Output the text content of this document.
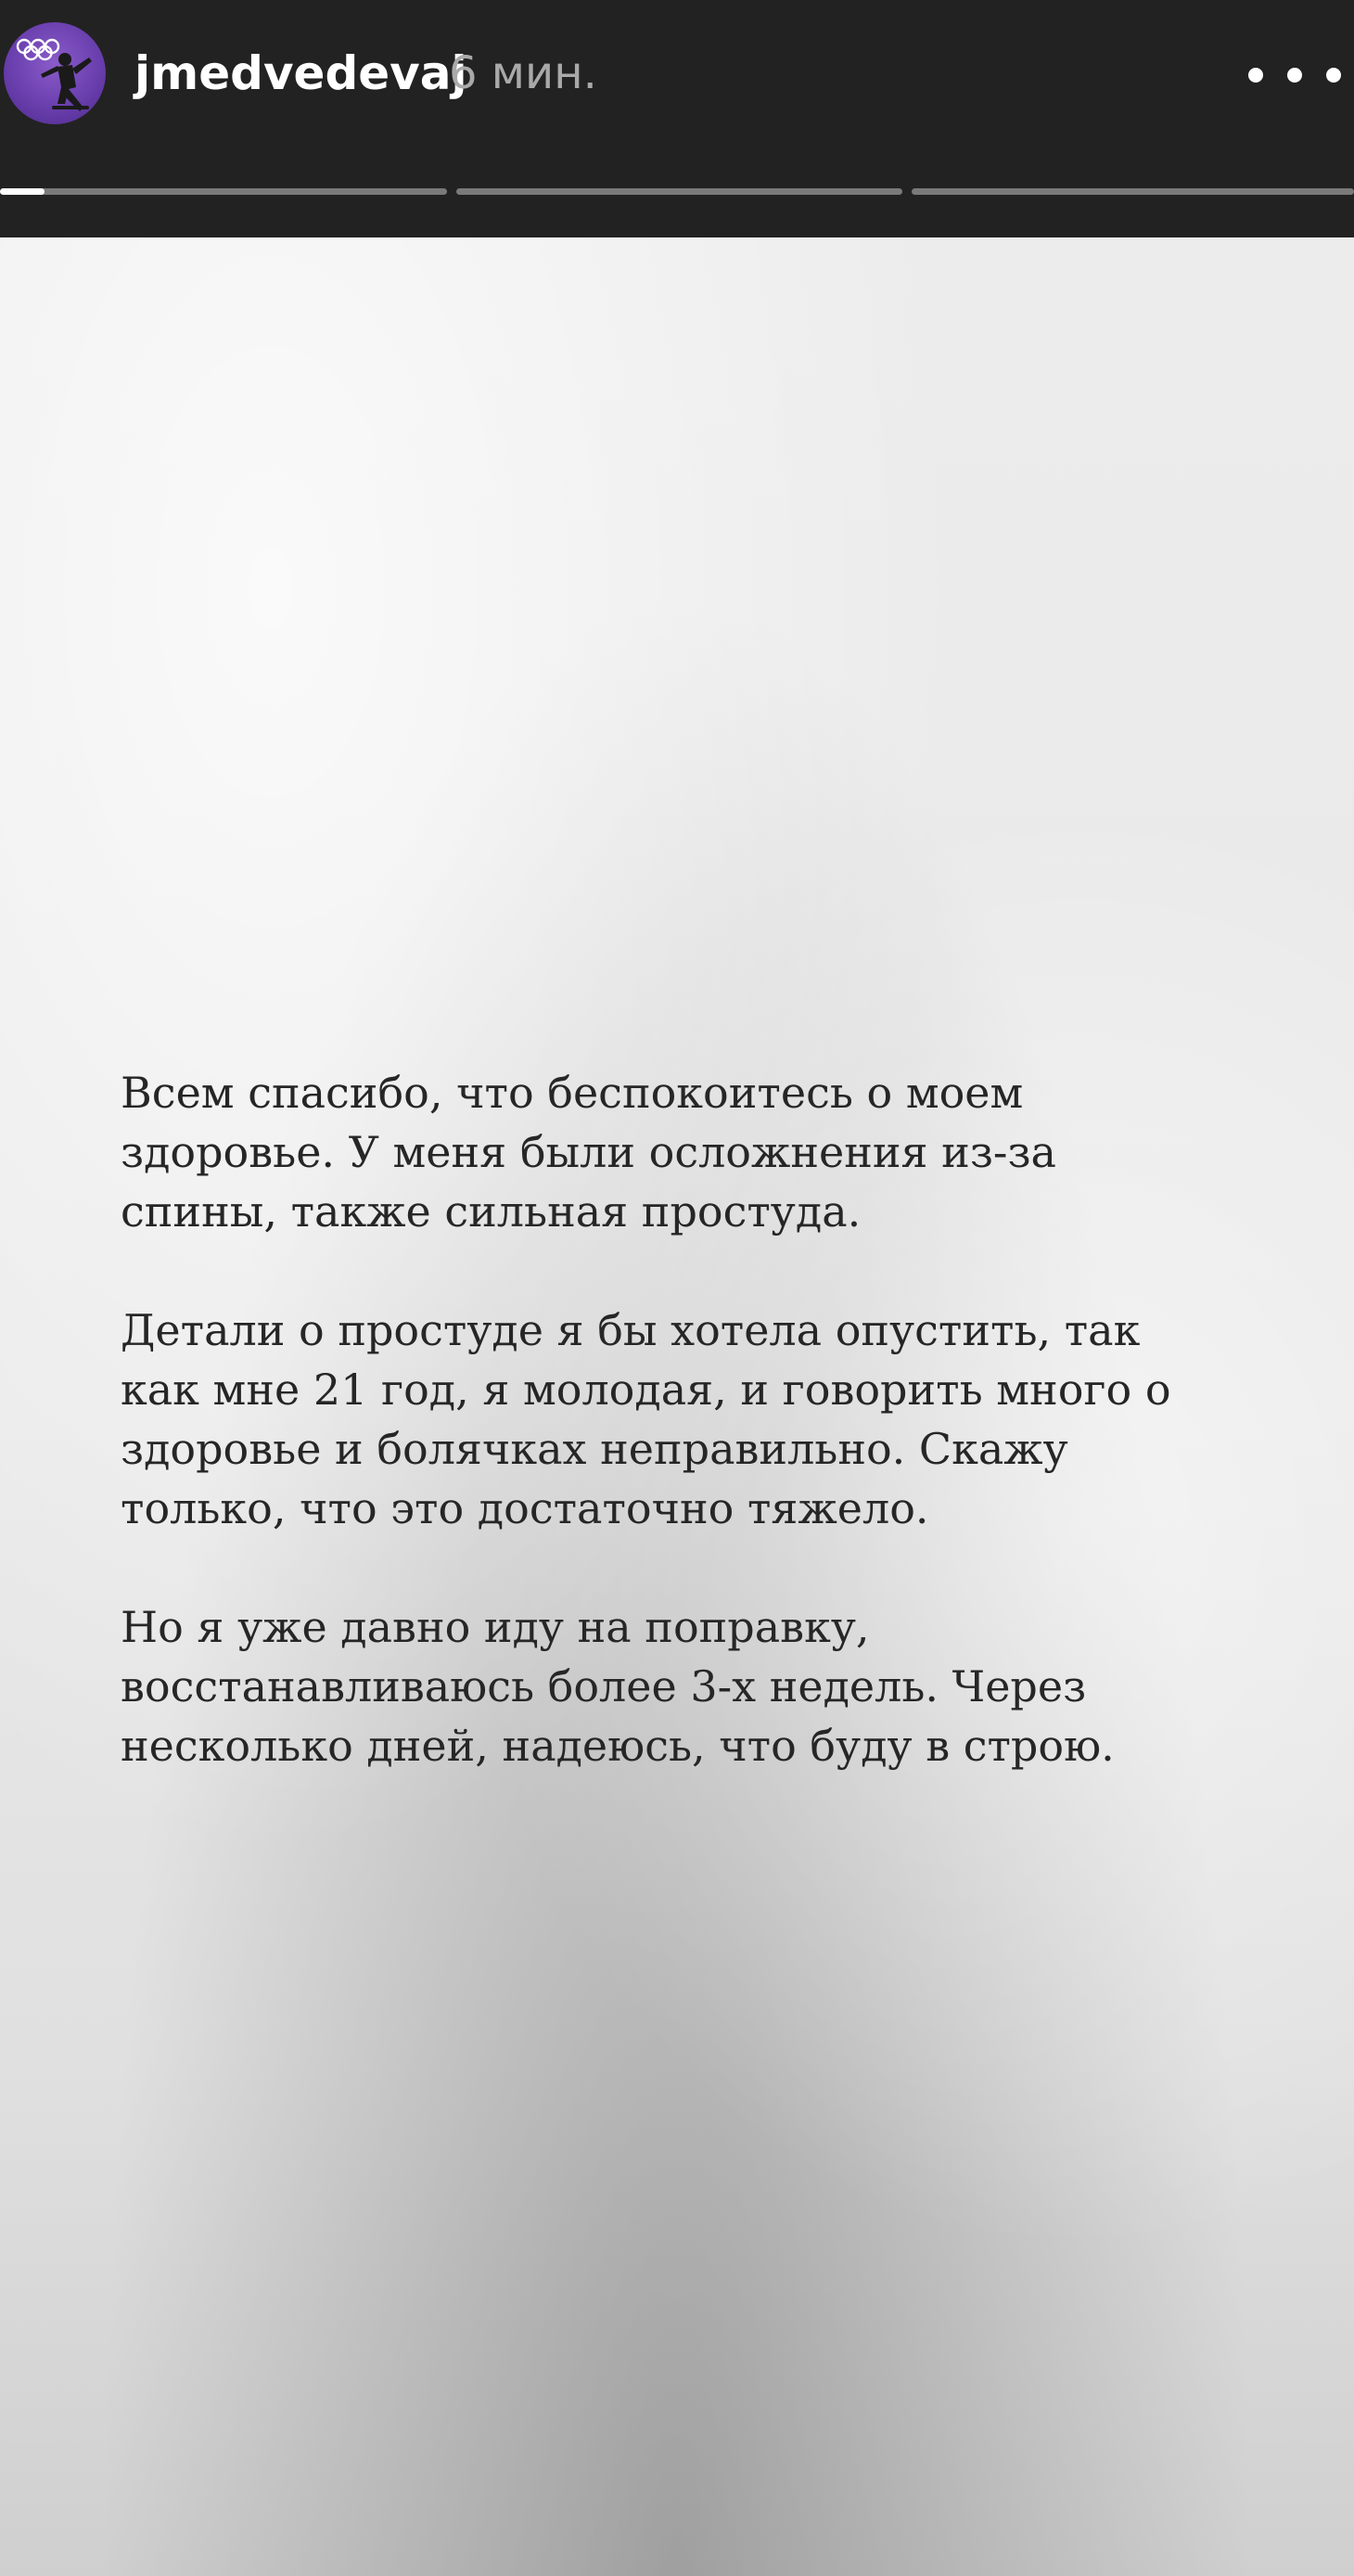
jmedvedevaj
6 мин.

Всем спасибо, что беспокоитесь о моем
здоровье. У меня были осложнения из-за
спины, также сильная простуда.

Детали о простуде я бы хотела опустить, так
как мне 21 год, я молодая, и говорить много о
здоровье и болячках неправильно. Скажу
только, что это достаточно тяжело.

Но я уже давно иду на поправку,
восстанавливаюсь более 3-х недель. Через
несколько дней, надеюсь, что буду в строю.
